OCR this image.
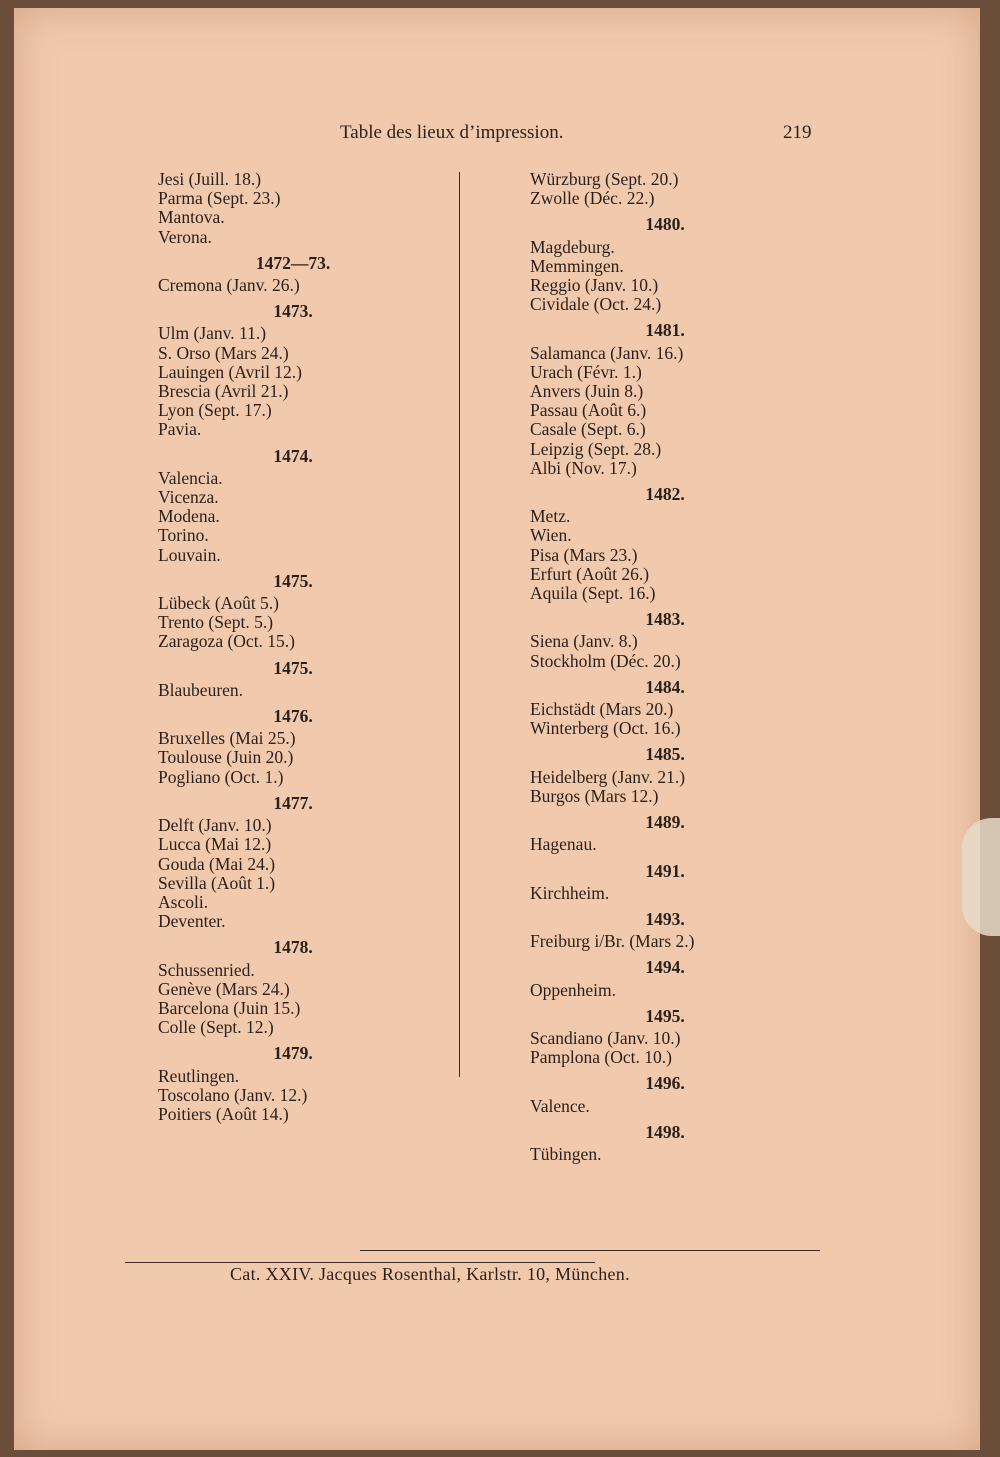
Table des lieux d’impression.	219
Jesi (Juill. 18.)
Parma (Sept. 23.)
Mantova.
Verona.
1472—73.
Cremona (Janv. 26.)
1473.
Ulm (Janv. 11.)
S. Orso (Mars 24.)
Lauingen (Avril 12.)
Brescia (Avril 21.)
Lyon (Sept. 17.)
Pavia.
1474.
Valencia.
Vicenza.
Modena.
Torino.
Louvain.
1475.
Lübeck (Août 5.)
Trento (Sept. 5.)
Zaragoza (Oct. 15.)
1475.
Blaubeuren.
1476.
Bruxelles (Mai 25.)
Toulouse (Juin 20.)
Pogliano (Oct. 1.)
1477.
Delft (Janv. 10.)
Lucca (Mai 12.)
Gouda (Mai 24.)
Sevilla (Août 1.)
Ascoli.
Deventer.
1478.
Schussenried.
Genève (Mars 24.)
Barcelona (Juin 15.)
Colle (Sept. 12.)
1479.
Reutlingen.
Toscolano (Janv. 12.)
Poitiers (Août 14.)
Würzburg (Sept. 20.)
Zwolle (Déc. 22.)
1480.
Magdeburg.
Memmingen.
Reggio (Janv. 10.)
Cividale (Oct. 24.)
1481.
Salamanca (Janv. 16.)
Urach (Févr. 1.)
Anvers (Juin 8.)
Passau (Août 6.)
Casale (Sept. 6.)
Leipzig (Sept. 28.)
Albi (Nov. 17.)
1482.
Metz.
Wien.
Pisa (Mars 23.)
Erfurt (Août 26.)
Aquila (Sept. 16.)
1483.
Siena (Janv. 8.)
Stockholm (Déc. 20.)
1484.
Eichstädt (Mars 20.)
Winterberg (Oct. 16.)
1485.
Heidelberg (Janv. 21.)
Burgos (Mars 12.)
1489.
Hagenau.
1491.
Kirchheim.
1493.
Freiburg i/Br. (Mars 2.)
1494.
Oppenheim.
1495.
Scandiano (Janv. 10.)
Pamplona (Oct. 10.)
1496.
Valence.
1498.
Tübingen.
Cat. XXIV. Jacques Rosenthal, Karlstr. 10, München.
